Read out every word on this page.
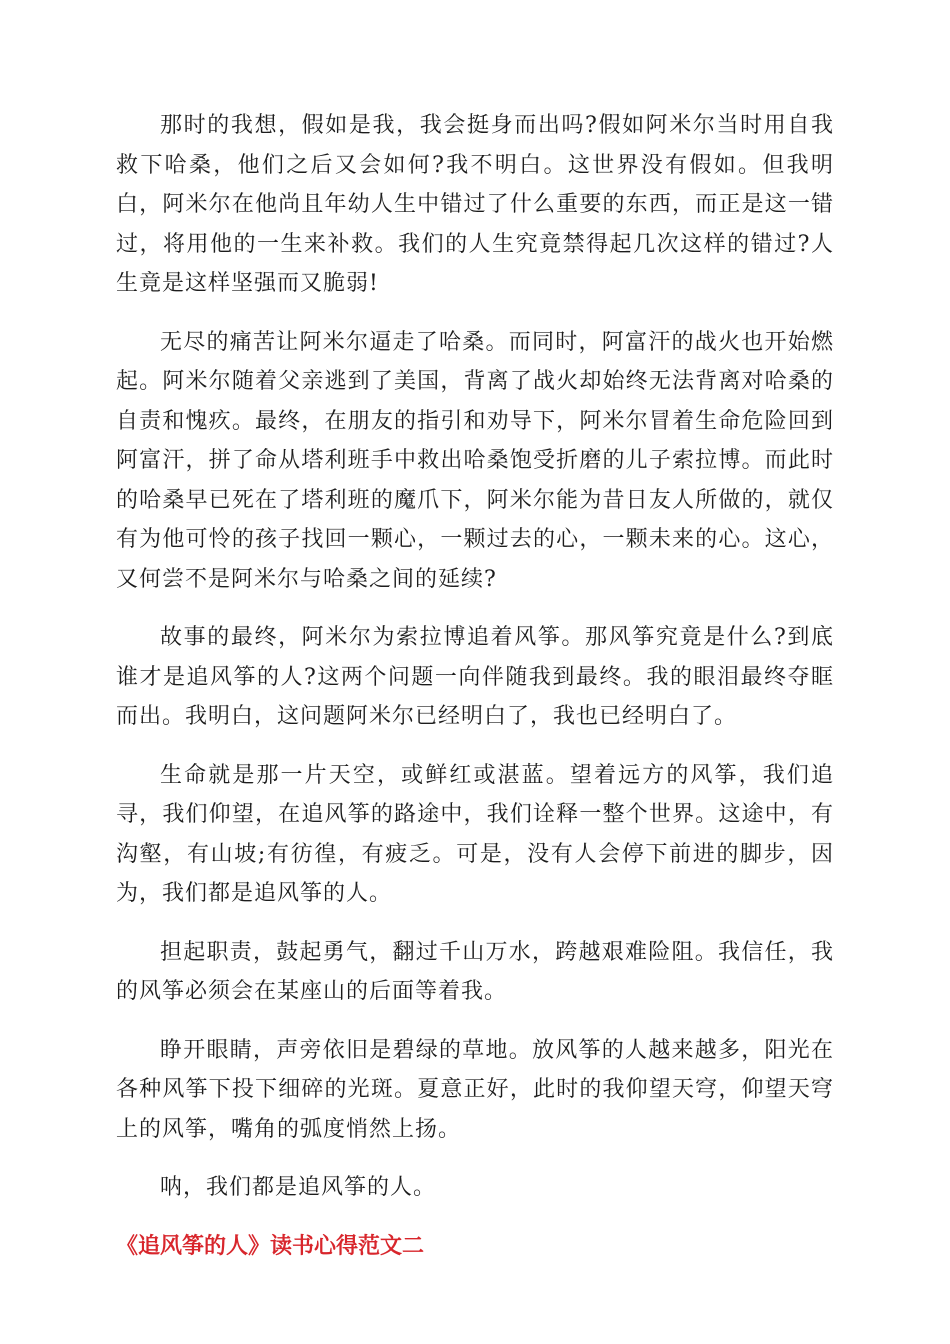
那时的我想，假如是我，我会挺身而出吗?假如阿米尔当时用自我救下哈桑，他们之后又会如何?我不明白。这世界没有假如。但我明白，阿米尔在他尚且年幼人生中错过了什么重要的东西，而正是这一错过，将用他的一生来补救。我们的人生究竟禁得起几次这样的错过?人生竟是这样坚强而又脆弱!

无尽的痛苦让阿米尔逼走了哈桑。而同时，阿富汗的战火也开始燃起。阿米尔随着父亲逃到了美国，背离了战火却始终无法背离对哈桑的自责和愧疚。最终，在朋友的指引和劝导下，阿米尔冒着生命危险回到阿富汗，拼了命从塔利班手中救出哈桑饱受折磨的儿子索拉博。而此时的哈桑早已死在了塔利班的魔爪下，阿米尔能为昔日友人所做的，就仅有为他可怜的孩子找回一颗心，一颗过去的心，一颗未来的心。这心，又何尝不是阿米尔与哈桑之间的延续?

故事的最终，阿米尔为索拉博追着风筝。那风筝究竟是什么?到底谁才是追风筝的人?这两个问题一向伴随我到最终。我的眼泪最终夺眶而出。我明白，这问题阿米尔已经明白了，我也已经明白了。

生命就是那一片天空，或鲜红或湛蓝。望着远方的风筝，我们追寻，我们仰望，在追风筝的路途中，我们诠释一整个世界。这途中，有沟壑，有山坡;有彷徨，有疲乏。可是，没有人会停下前进的脚步，因为，我们都是追风筝的人。

担起职责，鼓起勇气，翻过千山万水，跨越艰难险阻。我信任，我的风筝必须会在某座山的后面等着我。

睁开眼睛，声旁依旧是碧绿的草地。放风筝的人越来越多，阳光在各种风筝下投下细碎的光斑。夏意正好，此时的我仰望天穹，仰望天穹上的风筝，嘴角的弧度悄然上扬。

呐，我们都是追风筝的人。

《追风筝的人》读书心得范文二
